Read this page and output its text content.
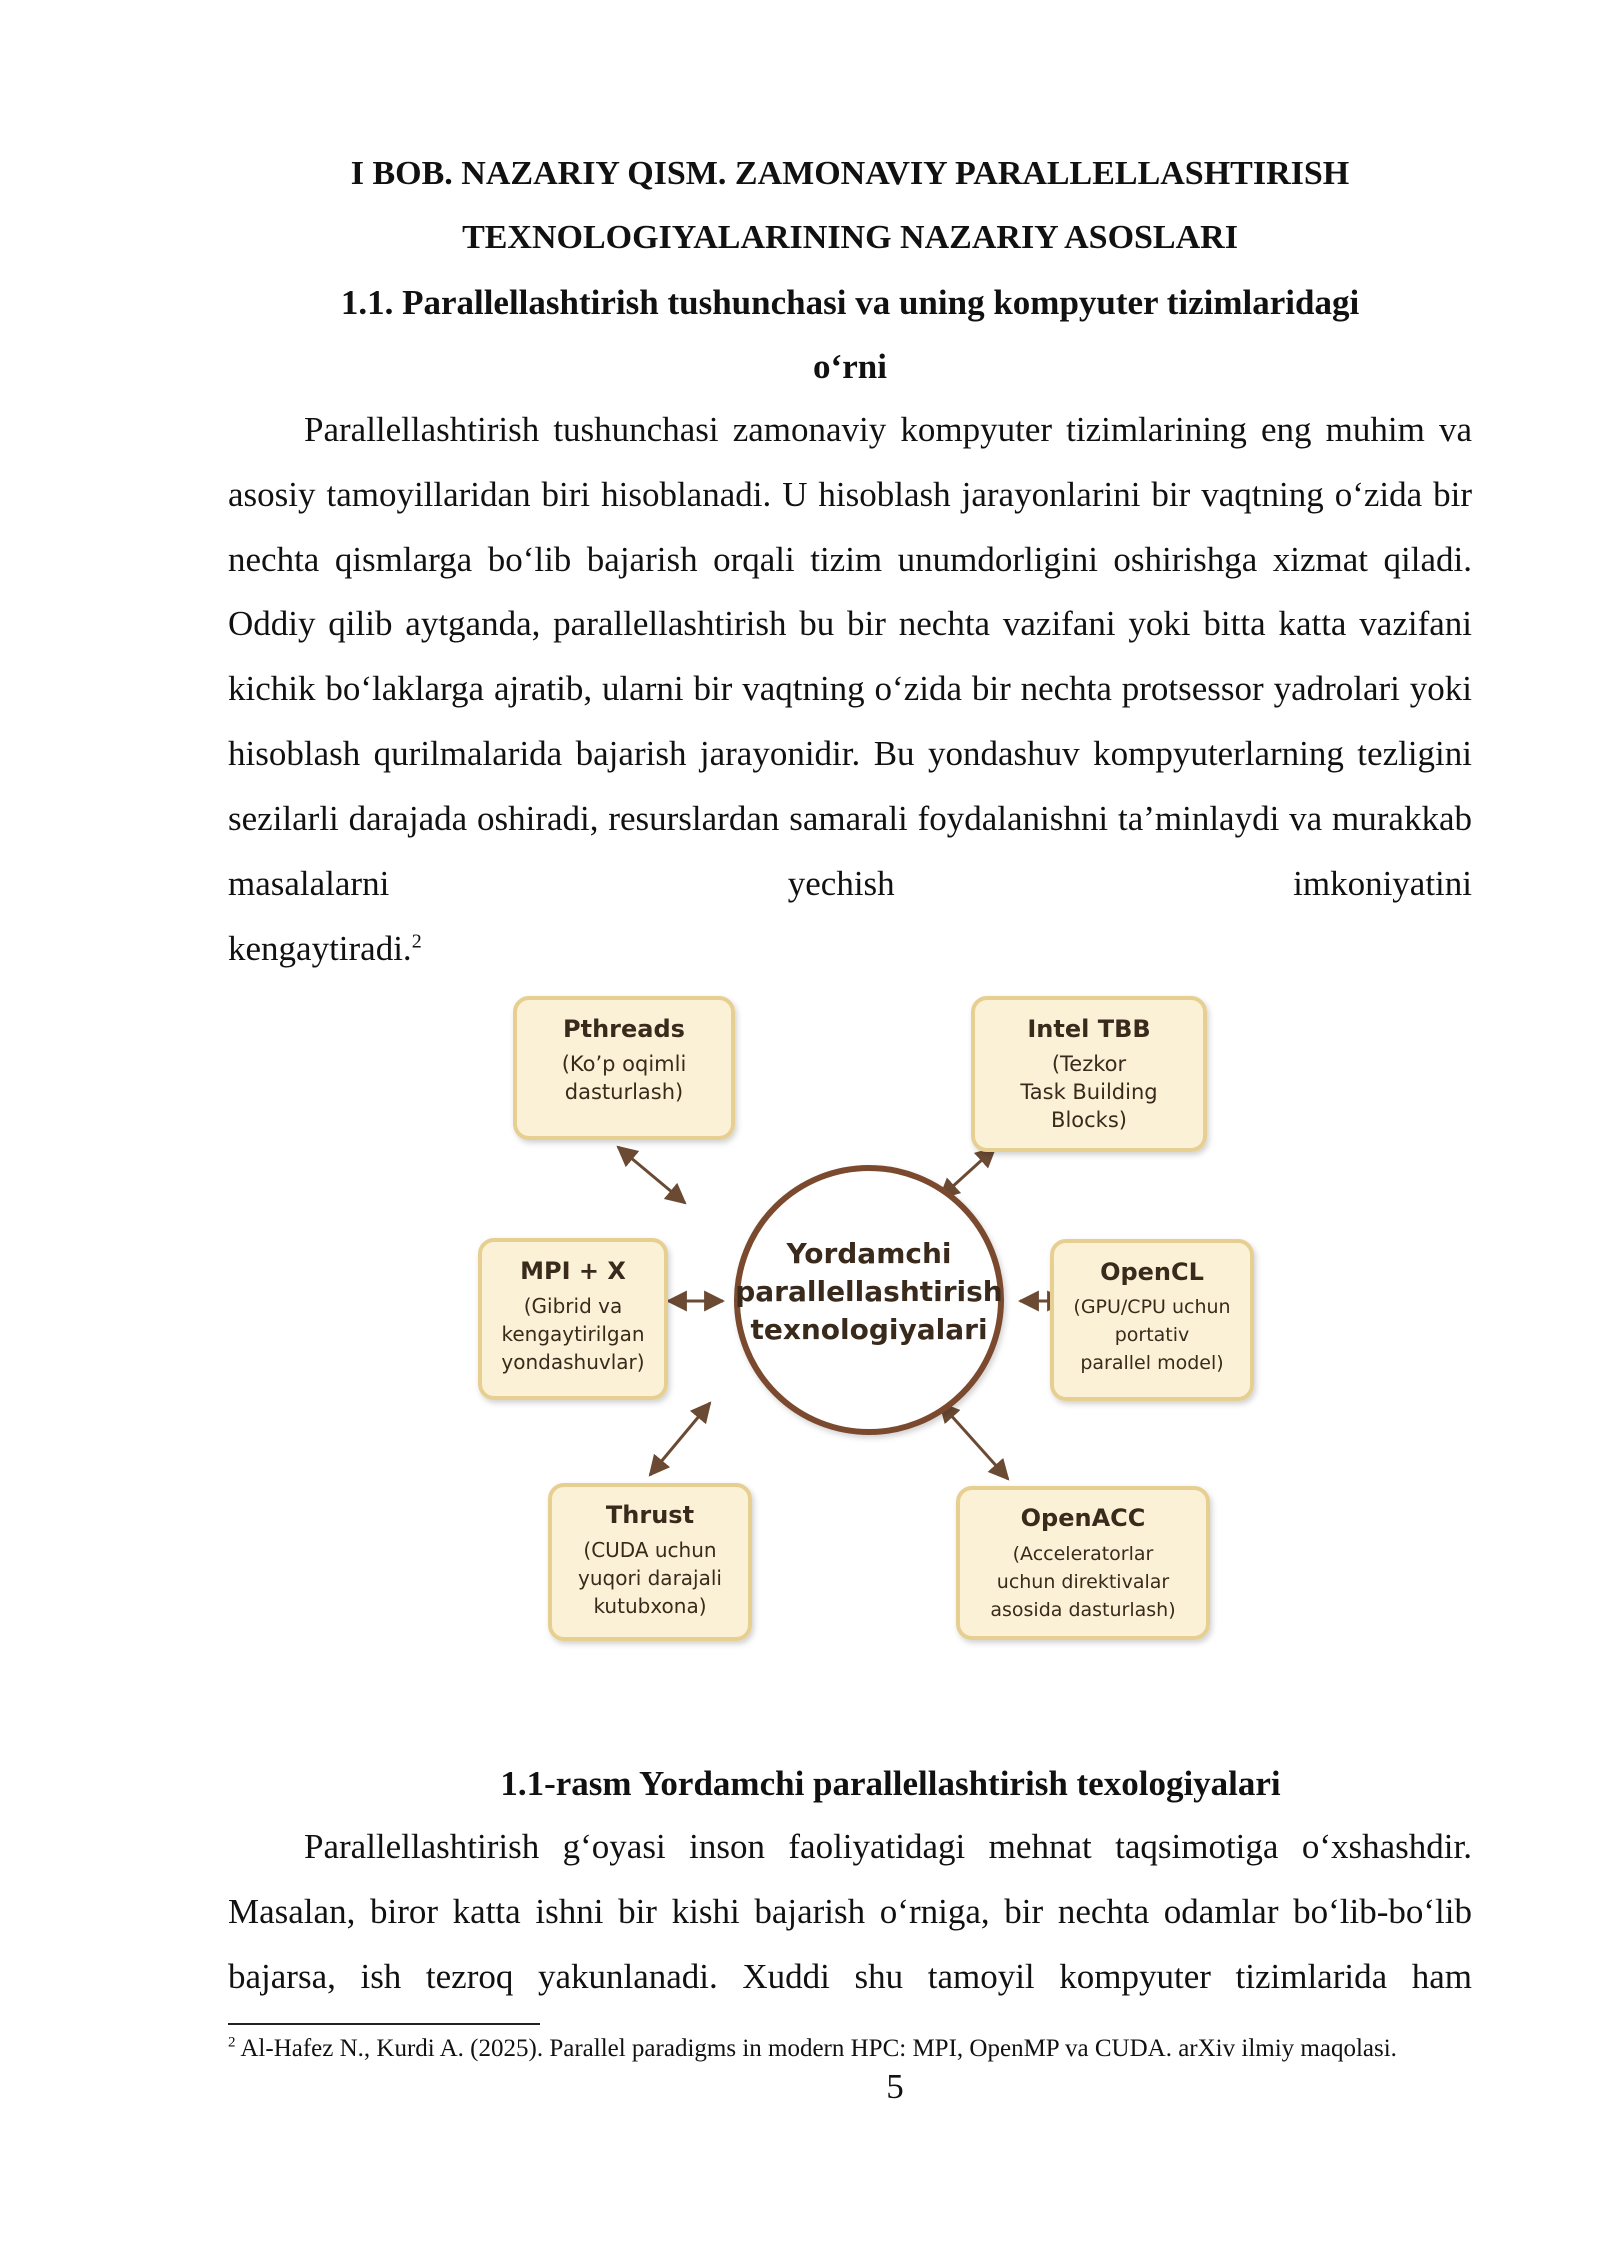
I BOB. NAZARIY QISM. ZAMONAVIY PARALLELLASHTIRISH
TEXNOLOGIYALARINING NAZARIY ASOSLARI
1.1. Parallellashtirish tushunchasi va uning kompyuter tizimlaridagi
o‘rni

Parallellashtirish tushunchasi zamonaviy kompyuter tizimlarining eng muhim va asosiy tamoyillaridan biri hisoblanadi. U hisoblash jarayonlarini bir vaqtning o‘zida bir nechta qismlarga bo‘lib bajarish orqali tizim unumdorligini oshirishga xizmat qiladi. Oddiy qilib aytganda, parallellashtirish bu bir nechta vazifani yoki bitta katta vazifani kichik bo‘laklarga ajratib, ularni bir vaqtning o‘zida bir nechta protsessor yadrolari yoki hisoblash qurilmalarida bajarish jarayonidir. Bu yondashuv kompyuterlarning tezligini sezilarli darajada oshiradi, resurslardan samarali foydalanishni ta’minlaydi va murakkab masalalarni yechish imkoniyatini

kengaytiradi.$^2$
Yordamchi
parallellashtirish
texnologiyalari
Pthreads
(Ko’p oqimli
dasturlash)
Intel TBB
(Tezkor
Task Building
Blocks)
MPI + X
(Gibrid va
kengaytirilgan
yondashuvlar)
OpenCL
(GPU/CPU uchun
portativ
parallel model)
Thrust
(CUDA uchun
yuqori darajali
kutubxona)
OpenACC
(Acceleratorlar
uchun direktivalar
asosida dasturlash)
1.1-rasm Yordamchi parallellashtirish texologiyalari

Parallellashtirish g‘oyasi inson faoliyatidagi mehnat taqsimotiga o‘xshashdir. Masalan, biror katta ishni bir kishi bajarish o‘rniga, bir nechta odamlar bo‘lib-bo‘lib bajarsa, ish tezroq yakunlanadi. Xuddi shu tamoyil kompyuter tizimlarida ham

$^2$ Al-Hafez N., Kurdi A. (2025). Parallel paradigms in modern HPC: MPI, OpenMP va CUDA. arXiv ilmiy maqolasi.
5
